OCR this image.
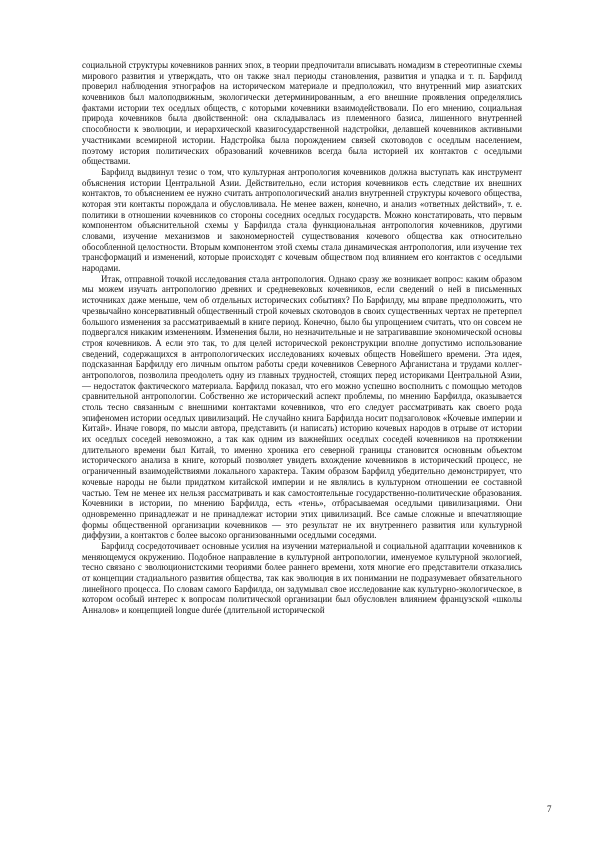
социальной структуры кочевников ранних эпох, в теории предпочитали вписывать номадизм в стереотипные схемы мирового развития и утверждать, что он также знал периоды становления, развития и упадка и т. п. Барфилд проверил наблюдения этнографов на историческом материале и предположил, что внутренний мир азиатских кочевников был малоподвижным, экологически детерминированным, а его внешние проявления определялись фактами истории тех оседлых обществ, с которыми кочевники взаимодействовали. По его мнению, социальная природа кочевников была двойственной: она складывалась из племенного базиса, лишенного внутренней способности к эволюции, и иерархической квазигосударственной надстройки, делавшей кочевников активными участниками всемирной истории. Надстройка была порождением связей скотоводов с оседлым населением, поэтому история политических образований кочевников всегда была историей их контактов с оседлыми обществами.

Барфилд выдвинул тезис о том, что культурная антропология кочевников должна выступать как инструмент объяснения истории Центральной Азии. Действительно, если история кочевников есть следствие их внешних контактов, то объяснением ее нужно считать антропологический анализ внутренней структуры кочевого общества, которая эти контакты порождала и обусловливала. Не менее важен, конечно, и анализ «ответных действий», т. е. политики в отношении кочевников со стороны соседних оседлых государств. Можно констатировать, что первым компонентом объяснительной схемы у Барфилда стала функциональная антропология кочевников, другими словами, изучение механизмов и закономерностей существования кочевого общества как относительно обособленной целостности. Вторым компонентом этой схемы стала динамическая антропология, или изучение тех трансформаций и изменений, которые происходят с кочевым обществом под влиянием его контактов с оседлыми народами.

Итак, отправной точкой исследования стала антропология. Однако сразу же возникает вопрос: каким образом мы можем изучать антропологию древних и средневековых кочевников, если сведений о ней в письменных источниках даже меньше, чем об отдельных исторических событиях? По Барфилду, мы вправе предположить, что чрезвычайно консервативный общественный строй кочевых скотоводов в своих существенных чертах не претерпел большого изменения за рассматриваемый в книге период. Конечно, было бы упрощением считать, что он совсем не подвергался никаким изменениям. Изменения были, но незначительные и не затрагивавшие экономической основы строя кочевников. А если это так, то для целей исторической реконструкции вполне допустимо использование сведений, содержащихся в антропологических исследованиях кочевых обществ Новейшего времени. Эта идея, подсказанная Барфилду его личным опытом работы среди кочевников Северного Афганистана и трудами коллег-антропологов, позволила преодолеть одну из главных трудностей, стоящих перед историками Центральной Азии, — недостаток фактического материала. Барфилд показал, что его можно успешно восполнить с помощью методов сравнительной антропологии. Собственно же исторический аспект проблемы, по мнению Барфилда, оказывается столь тесно связанным с внешними контактами кочевников, что его следует рассматривать как своего рода эпифеномен истории оседлых цивилизаций. Не случайно книга Барфилда носит подзаголовок «Кочевые империи и Китай». Иначе говоря, по мысли автора, представить (и написать) историю кочевых народов в отрыве от истории их оседлых соседей невозможно, а так как одним из важнейших оседлых соседей кочевников на протяжении длительного времени был Китай, то именно хроника его северной границы становится основным объектом исторического анализа в книге, который позволяет увидеть вхождение кочевников в исторический процесс, не ограниченный взаимодействиями локального характера. Таким образом Барфилд убедительно демонстрирует, что кочевые народы не были придатком китайской империи и не являлись в культурном отношении ее составной частью. Тем не менее их нельзя рассматривать и как самостоятельные государственно-политические образования. Кочевники в истории, по мнению Барфилда, есть «тень», отбрасываемая оседлыми цивилизациями. Они одновременно принадлежат и не принадлежат истории этих цивилизаций. Все самые сложные и впечатляющие формы общественной организации кочевников — это результат не их внутреннего развития или культурной диффузии, а контактов с более высоко организованными оседлыми соседями.

Барфилд сосредоточивает основные усилия на изучении материальной и социальной адаптации кочевников к меняющемуся окружению. Подобное направление в культурной антропологии, именуемое культурной экологией, тесно связано с эволюционистскими теориями более раннего времени, хотя многие его представители отказались от концепции стадиального развития общества, так как эволюция в их понимании не подразумевает обязательного линейного процесса. По словам самого Барфилда, он задумывал свое исследование как культурно-экологическое, в котором особый интерес к вопросам политической организации был обусловлен влиянием французской «школы Анналов» и концепцией longue durée (длительной исторической

7
